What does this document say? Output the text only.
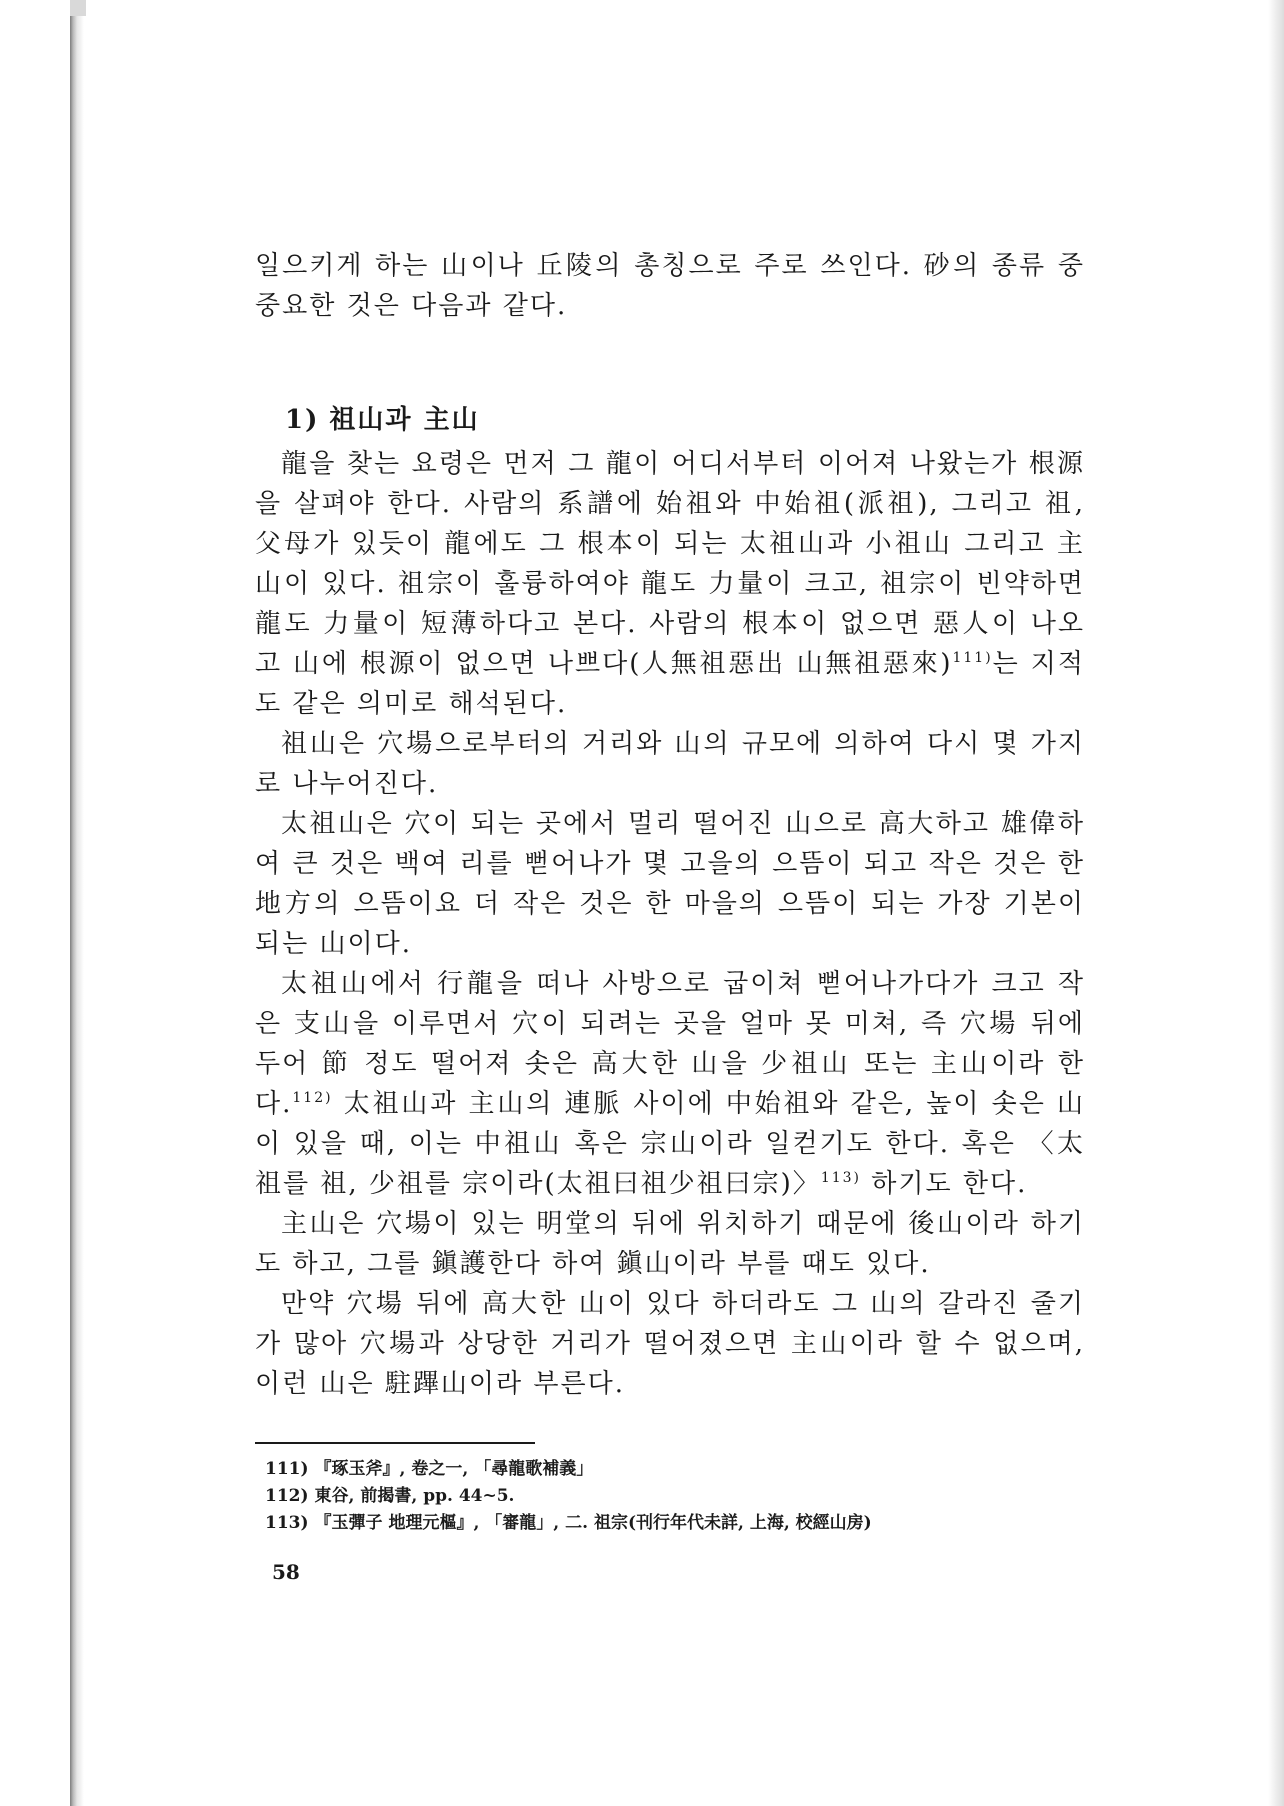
일으키게 하는 山이나 丘陵의 총칭으로 주로 쓰인다. 砂의 종류 중 중요한 것은 다음과 같다.

1) 祖山과 主山

龍을 찾는 요령은 먼저 그 龍이 어디서부터 이어져 나왔는가 根源을 살펴야 한다. 사람의 系譜에 始祖와 中始祖(派祖), 그리고 祖, 父母가 있듯이 龍에도 그 根本이 되는 太祖山과 小祖山 그리고 主山이 있다. 祖宗이 훌륭하여야 龍도 力量이 크고, 祖宗이 빈약하면 龍도 力量이 短薄하다고 본다. 사람의 根本이 없으면 惡人이 나오고 山에 根源이 없으면 나쁘다(人無祖惡出 山無祖惡來)$^{111)}$는 지적도 같은 의미로 해석된다.

祖山은 穴場으로부터의 거리와 山의 규모에 의하여 다시 몇 가지로 나누어진다.

太祖山은 穴이 되는 곳에서 멀리 떨어진 山으로 高大하고 雄偉하여 큰 것은 백여 리를 뻗어나가 몇 고을의 으뜸이 되고 작은 것은 한 地方의 으뜸이요 더 작은 것은 한 마을의 으뜸이 되는 가장 기본이 되는 山이다.

太祖山에서 行龍을 떠나 사방으로 굽이쳐 뻗어나가다가 크고 작은 支山을 이루면서 穴이 되려는 곳을 얼마 못 미쳐, 즉 穴場 뒤에 두어 節 정도 떨어져 솟은 高大한 山을 少祖山 또는 主山이라 한다.$^{112)}$ 太祖山과 主山의 連脈 사이에 中始祖와 같은, 높이 솟은 山이 있을 때, 이는 中祖山 혹은 宗山이라 일컫기도 한다. 혹은 〈太祖를 祖, 少祖를 宗이라(太祖曰祖少祖曰宗)〉$^{113)}$ 하기도 한다.

主山은 穴場이 있는 明堂의 뒤에 위치하기 때문에 後山이라 하기도 하고, 그를 鎭護한다 하여 鎭山이라 부를 때도 있다.

만약 穴場 뒤에 高大한 山이 있다 하더라도 그 山의 갈라진 줄기가 많아 穴場과 상당한 거리가 떨어졌으면 主山이라 할 수 없으며, 이런 山은 駐蹕山이라 부른다.

111) 『琢玉斧』, 卷之一, 「尋龍歌補義」

112) 東谷, 前揭書, pp. 44~5.

113) 『玉彈子 地理元樞』, 「審龍」, 二. 祖宗(刊行年代未詳, 上海, 校經山房)

58
